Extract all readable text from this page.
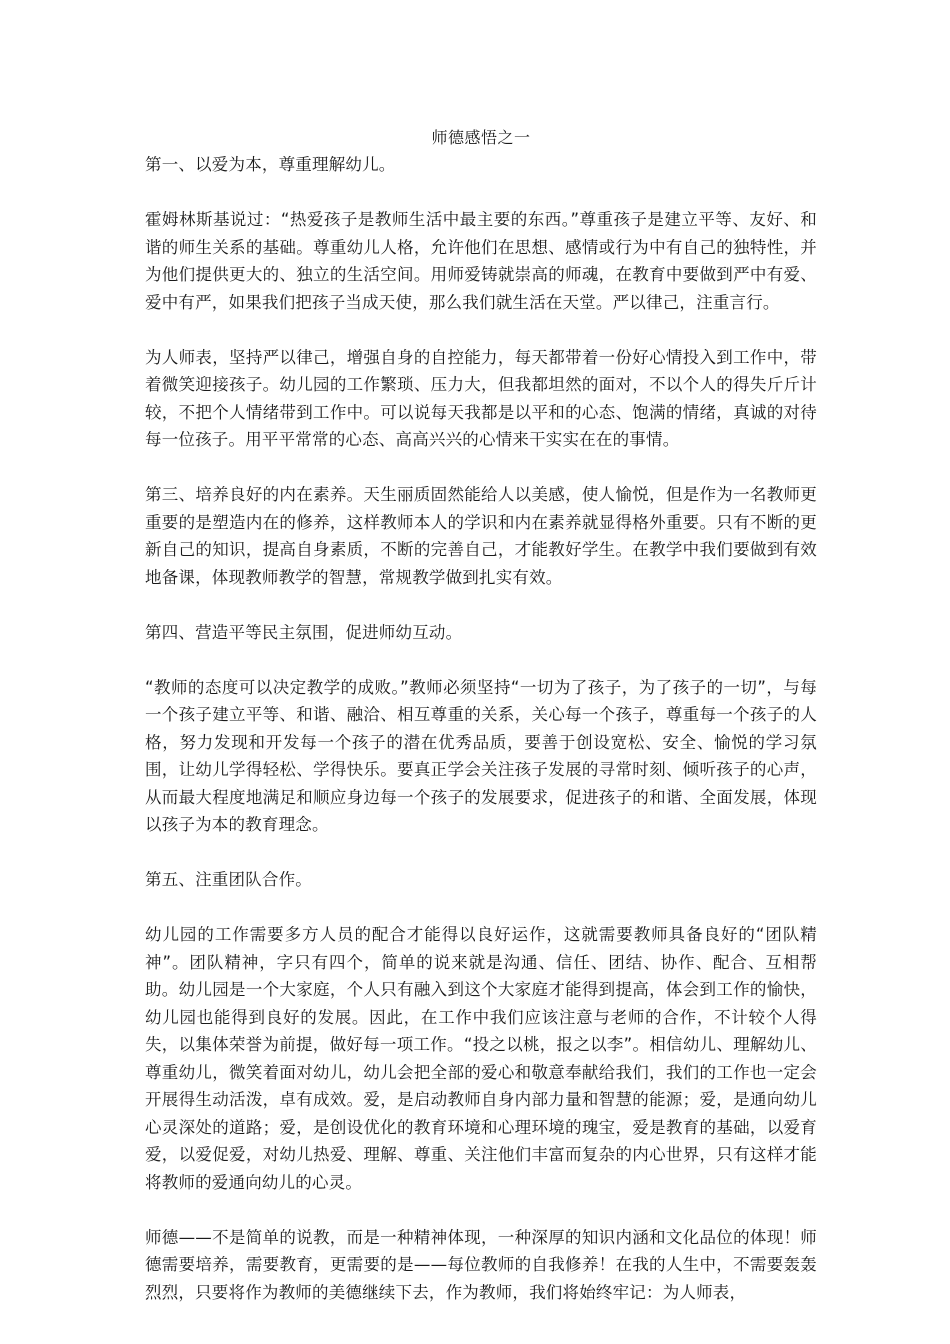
师德感悟之一

第一、以爱为本，尊重理解幼儿。

霍姆林斯基说过：“热爱孩子是教师生活中最主要的东西。”尊重孩子是建立平等、友好、和谐的师生关系的基础。尊重幼儿人格，允许他们在思想、感情或行为中有自己的独特性，并为他们提供更大的、独立的生活空间。用师爱铸就崇高的师魂，在教育中要做到严中有爱、爱中有严，如果我们把孩子当成天使，那么我们就生活在天堂。严以律己，注重言行。

为人师表，坚持严以律己，增强自身的自控能力，每天都带着一份好心情投入到工作中，带着微笑迎接孩子。幼儿园的工作繁琐、压力大，但我都坦然的面对，不以个人的得失斤斤计较，不把个人情绪带到工作中。可以说每天我都是以平和的心态、饱满的情绪，真诚的对待每一位孩子。用平平常常的心态、高高兴兴的心情来干实实在在的事情。

第三、培养良好的内在素养。天生丽质固然能给人以美感，使人愉悦，但是作为一名教师更重要的是塑造内在的修养，这样教师本人的学识和内在素养就显得格外重要。只有不断的更新自己的知识，提高自身素质，不断的完善自己，才能教好学生。在教学中我们要做到有效地备课，体现教师教学的智慧，常规教学做到扎实有效。

第四、营造平等民主氛围，促进师幼互动。

“教师的态度可以决定教学的成败。”教师必须坚持“一切为了孩子，为了孩子的一切”，与每一个孩子建立平等、和谐、融洽、相互尊重的关系，关心每一个孩子，尊重每一个孩子的人格，努力发现和开发每一个孩子的潜在优秀品质，要善于创设宽松、安全、愉悦的学习氛围，让幼儿学得轻松、学得快乐。要真正学会关注孩子发展的寻常时刻、倾听孩子的心声，从而最大程度地满足和顺应身边每一个孩子的发展要求，促进孩子的和谐、全面发展，体现以孩子为本的教育理念。

第五、注重团队合作。

幼儿园的工作需要多方人员的配合才能得以良好运作，这就需要教师具备良好的“团队精神”。团队精神，字只有四个，简单的说来就是沟通、信任、团结、协作、配合、互相帮助。幼儿园是一个大家庭，个人只有融入到这个大家庭才能得到提高，体会到工作的愉快，幼儿园也能得到良好的发展。因此，在工作中我们应该注意与老师的合作，不计较个人得失，以集体荣誉为前提，做好每一项工作。“投之以桃，报之以李”。相信幼儿、理解幼儿、尊重幼儿，微笑着面对幼儿，幼儿会把全部的爱心和敬意奉献给我们，我们的工作也一定会开展得生动活泼，卓有成效。爱，是启动教师自身内部力量和智慧的能源；爱，是通向幼儿心灵深处的道路；爱，是创设优化的教育环境和心理环境的瑰宝，爱是教育的基础，以爱育爱，以爱促爱，对幼儿热爱、理解、尊重、关注他们丰富而复杂的内心世界，只有这样才能将教师的爱通向幼儿的心灵。

师德——不是简单的说教，而是一种精神体现，一种深厚的知识内涵和文化品位的体现！师德需要培养，需要教育，更需要的是——每位教师的自我修养！在我的人生中，不需要轰轰烈烈，只要将作为教师的美德继续下去，作为教师，我们将始终牢记：为人师表，
